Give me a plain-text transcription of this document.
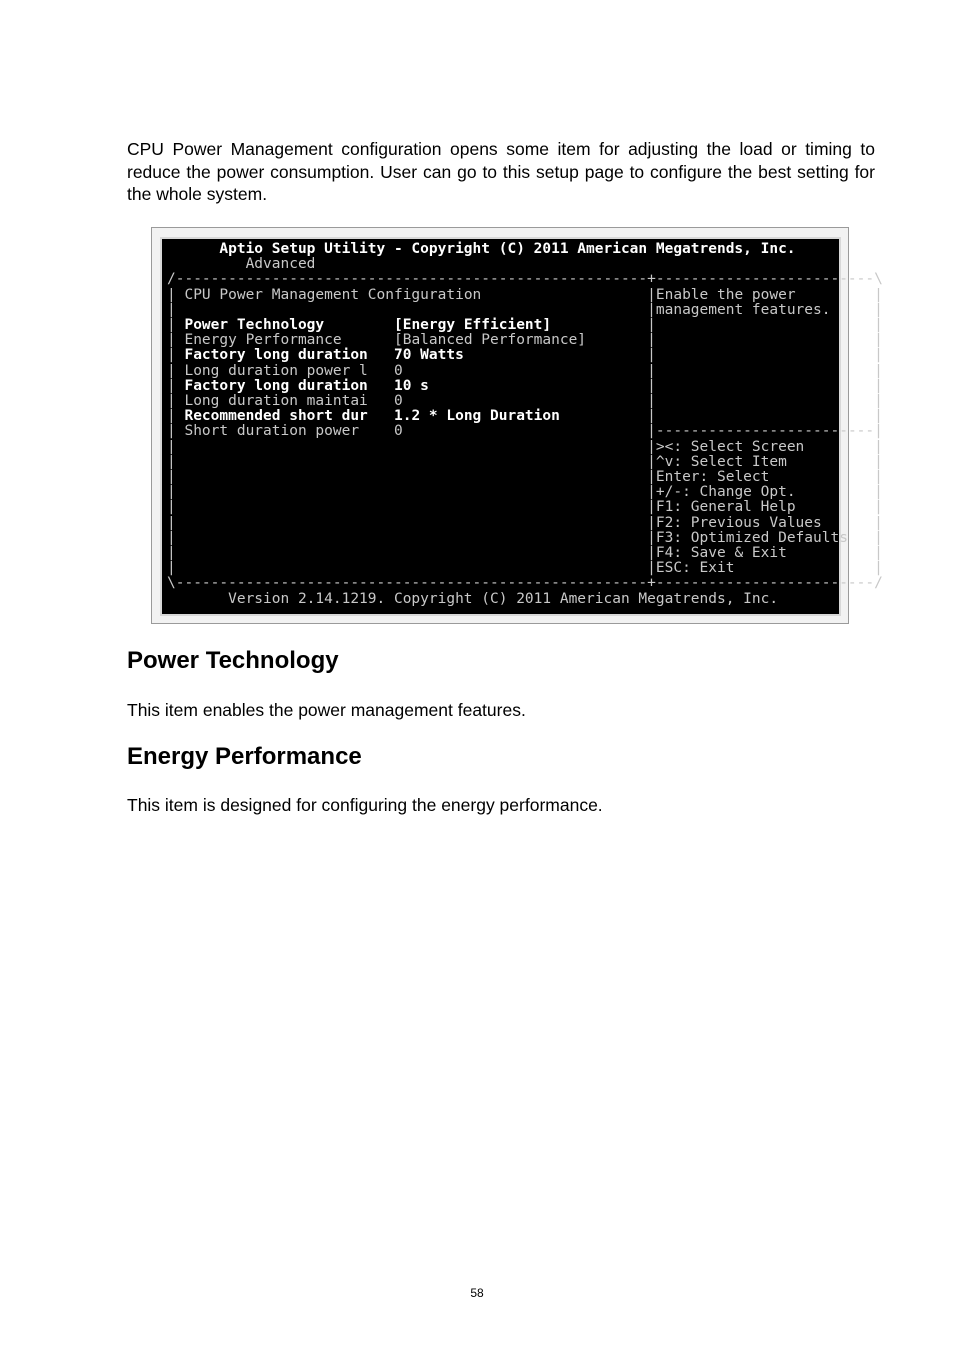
CPU Power Management configuration opens some item for adjusting the load or timing to reduce the power consumption. User can go to this setup page to configure the best setting for the whole system.

Aptio Setup Utility - Copyright (C) 2011 American Megatrends, Inc.
Advanced
/------------------------------------------------------+-------------------------\
| CPU Power Management Configuration                   |Enable the power         |
|                                                      |management features.     |
| Power Technology        [Energy Efficient]           |                         |
| Energy Performance      [Balanced Performance]       |                         |
| Factory long duration   70 Watts                     |                         |
| Long duration power l   0                            |                         |
| Factory long duration   10 s                         |                         |
| Long duration maintai   0                            |                         |
| Recommended short dur   1.2 * Long Duration          |                         |
| Short duration power    0                            |-------------------------|
|                                                      |><: Select Screen        |
|                                                      |^v: Select Item          |
|                                                      |Enter: Select            |
|                                                      |+/-: Change Opt.         |
|                                                      |F1: General Help         |
|                                                      |F2: Previous Values      |
|                                                      |F3: Optimized Defaults   |
|                                                      |F4: Save & Exit          |
|                                                      |ESC: Exit                |
\------------------------------------------------------+-------------------------/
Version 2.14.1219. Copyright (C) 2011 American Megatrends, Inc.
Power Technology

This item enables the power management features.

Energy Performance

This item is designed for configuring the energy performance.

58
